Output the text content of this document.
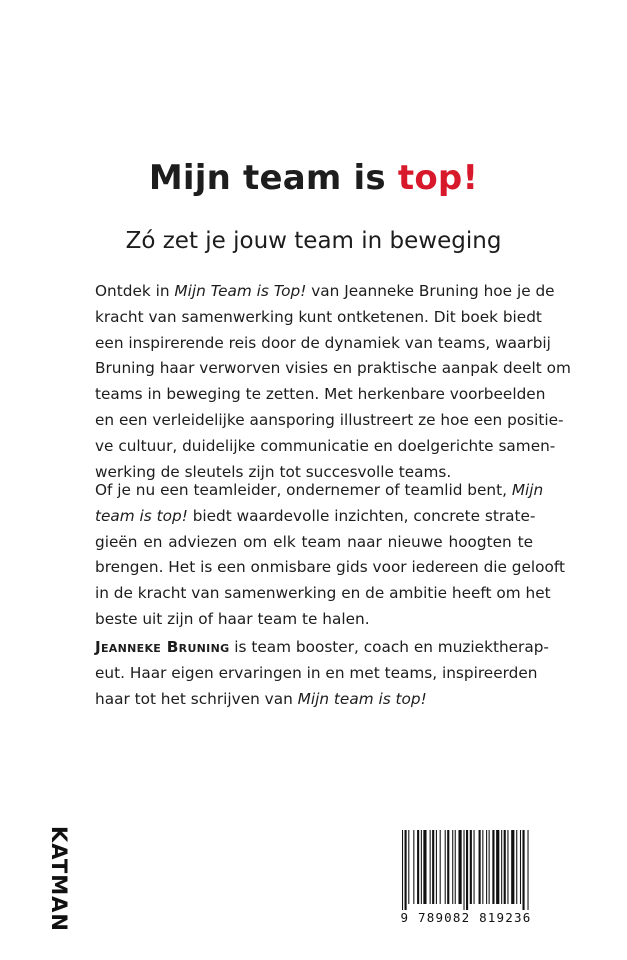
Mijn team is top!
Zó zet je jouw team in beweging
Ontdek in Mijn Team is Top! van Jeanneke Bruning hoe je de
kracht van samenwerking kunt ontketenen. Dit boek biedt
een inspirerende reis door de dynamiek van teams, waarbij
Bruning haar verworven visies en praktische aanpak deelt om
teams in beweging te zetten. Met herkenbare voorbeelden
en een verleidelijke aansporing illustreert ze hoe een positie-
ve cultuur, duidelijke communicatie en doelgerichte samen-
werking de sleutels zijn tot succesvolle teams.
Of je nu een teamleider, ondernemer of teamlid bent, Mijn
team is top! biedt waardevolle inzichten, concrete strate-
gieën en adviezen om elk team naar nieuwe hoogten te
brengen. Het is een onmisbare gids voor iedereen die gelooft
in de kracht van samenwerking en de ambitie heeft om het
beste uit zijn of haar team te halen.
Jeanneke Bruning is team booster, coach en muziektherap-
eut. Haar eigen ervaringen in en met teams, inspireerden
haar tot het schrijven van Mijn team is top!
KATMAN	9 789082 819236
